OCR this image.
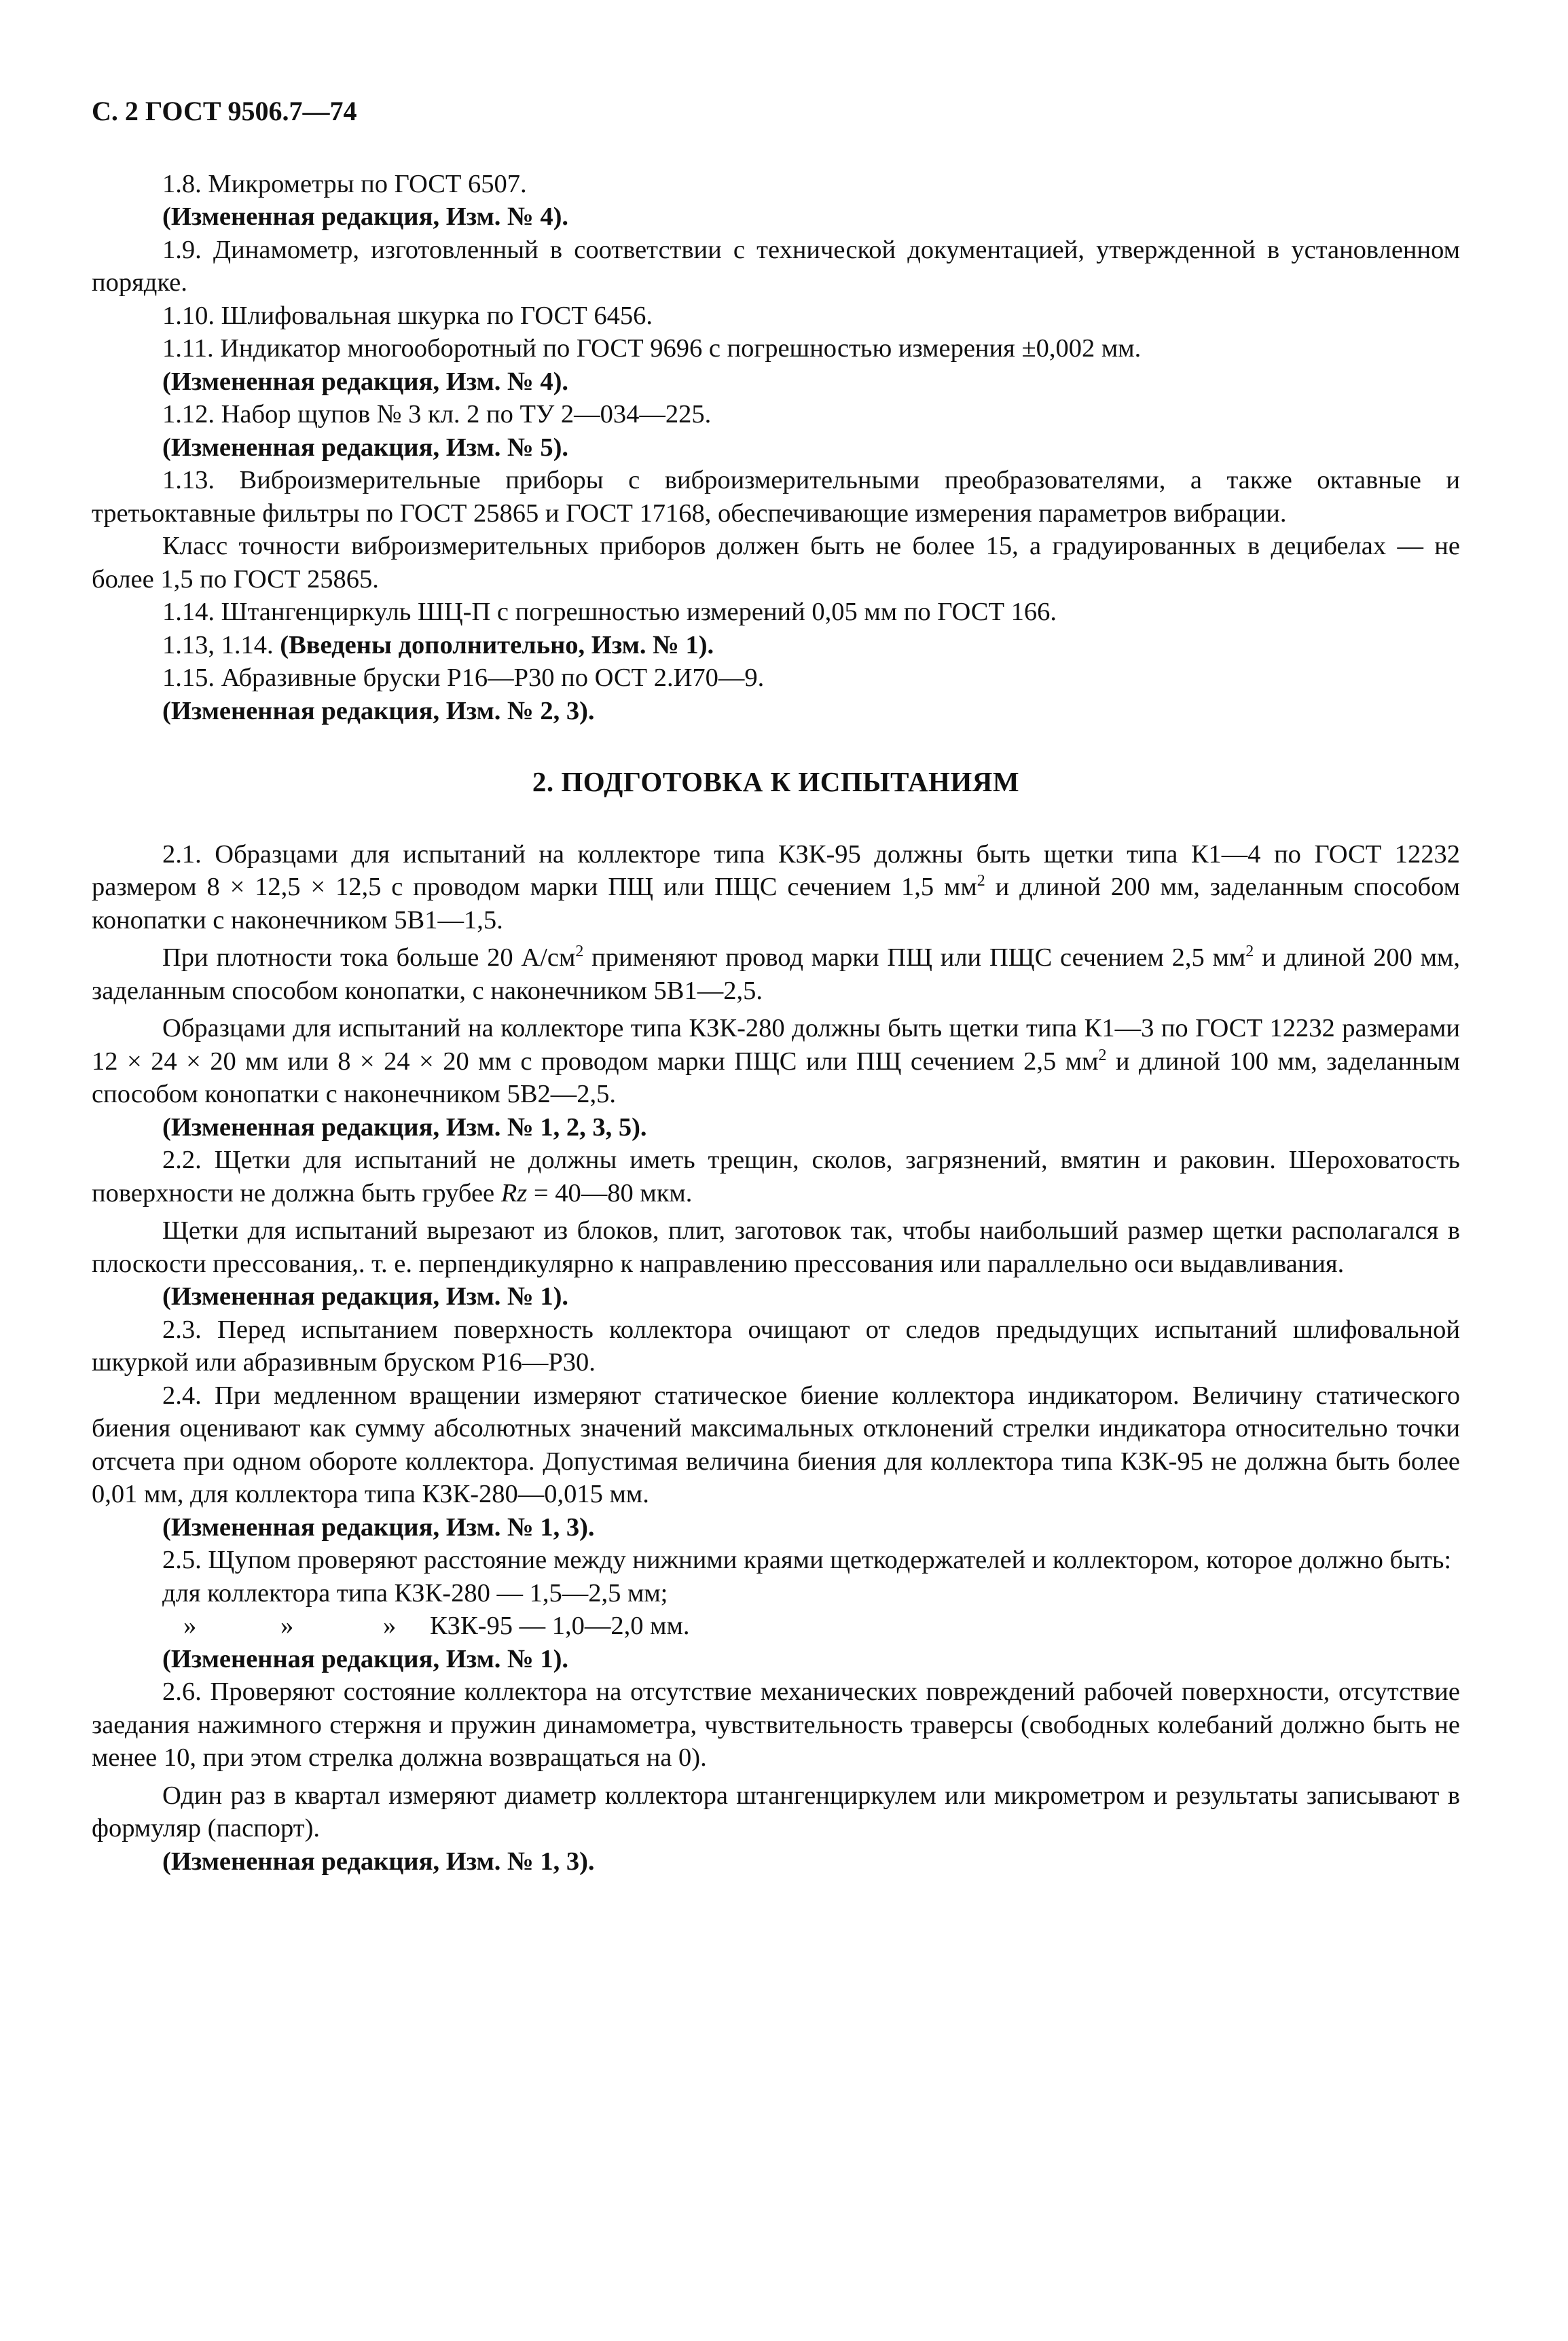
С. 2 ГОСТ 9506.7—74

1.8. Микрометры по ГОСТ 6507.

(Измененная редакция, Изм. № 4).

1.9. Динамометр, изготовленный в соответствии с технической документацией, утвержденной в установленном порядке.

1.10. Шлифовальная шкурка по ГОСТ 6456.

1.11. Индикатор многооборотный по ГОСТ 9696 с погрешностью измерения ±0,002 мм.

(Измененная редакция, Изм. № 4).

1.12. Набор щупов № 3 кл. 2 по ТУ 2—034—225.

(Измененная редакция, Изм. № 5).

1.13. Виброизмерительные приборы с виброизмерительными преобразователями, а также октавные и третьоктавные фильтры по ГОСТ 25865 и ГОСТ 17168, обеспечивающие измерения параметров вибрации.

Класс точности виброизмерительных приборов должен быть не более 15, а градуированных в децибелах — не более 1,5 по ГОСТ 25865.

1.14. Штангенциркуль ШЦ-П с погрешностью измерений 0,05 мм по ГОСТ 166.

1.13, 1.14. (Введены дополнительно, Изм. № 1).

1.15. Абразивные бруски Р16—Р30 по ОСТ 2.И70—9.

(Измененная редакция, Изм. № 2, 3).

2. ПОДГОТОВКА К ИСПЫТАНИЯМ

2.1. Образцами для испытаний на коллекторе типа КЗК-95 должны быть щетки типа К1—4 по ГОСТ 12232 размером 8 × 12,5 × 12,5 с проводом марки ПЩ или ПЩС сечением 1,5 $мм^2$ и длиной 200 мм, заделанным способом конопатки с наконечником 5В1—1,5.

При плотности тока больше 20 $А/см^2$ применяют провод марки ПЩ или ПЩС сечением 2,5 $мм^2$ и длиной 200 мм, заделанным способом конопатки, с наконечником 5В1—2,5.

Образцами для испытаний на коллекторе типа КЗК-280 должны быть щетки типа К1—3 по ГОСТ 12232 размерами 12 × 24 × 20 мм или 8 × 24 × 20 мм с проводом марки ПЩС или ПЩ сечением 2,5 $мм^2$ и длиной 100 мм, заделанным способом конопатки с наконечником 5В2—2,5.

(Измененная редакция, Изм. № 1, 2, 3, 5).

2.2. Щетки для испытаний не должны иметь трещин, сколов, загрязнений, вмятин и раковин. Шероховатость поверхности не должна быть грубее Rz = 40—80 мкм.

Щетки для испытаний вырезают из блоков, плит, заготовок так, чтобы наибольший размер щетки располагался в плоскости прессования,. т. е. перпендикулярно к направлению прессования или параллельно оси выдавливания.

(Измененная редакция, Изм. № 1).

2.3. Перед испытанием поверхность коллектора очищают от следов предыдущих испытаний шлифовальной шкуркой или абразивным бруском Р16—Р30.

2.4. При медленном вращении измеряют статическое биение коллектора индикатором. Величину статического биения оценивают как сумму абсолютных значений максимальных отклонений стрелки индикатора относительно точки отсчета при одном обороте коллектора. Допустимая величина биения для коллектора типа КЗК-95 не должна быть более 0,01 мм, для коллектора типа КЗК-280—0,015 мм.

(Измененная редакция, Изм. № 1, 3).

2.5. Щупом проверяют расстояние между нижними краями щеткодержателей и коллектором, которое должно быть:

для коллектора типа КЗК-280 — 1,5—2,5 мм;

»	»	» КЗК-95 — 1,0—2,0 мм.

(Измененная редакция, Изм. № 1).

2.6. Проверяют состояние коллектора на отсутствие механических повреждений рабочей поверхности, отсутствие заедания нажимного стержня и пружин динамометра, чувствительность траверсы (свободных колебаний должно быть не менее 10, при этом стрелка должна возвращаться на 0).

Один раз в квартал измеряют диаметр коллектора штангенциркулем или микрометром и результаты записывают в формуляр (паспорт).

(Измененная редакция, Изм. № 1, 3).
